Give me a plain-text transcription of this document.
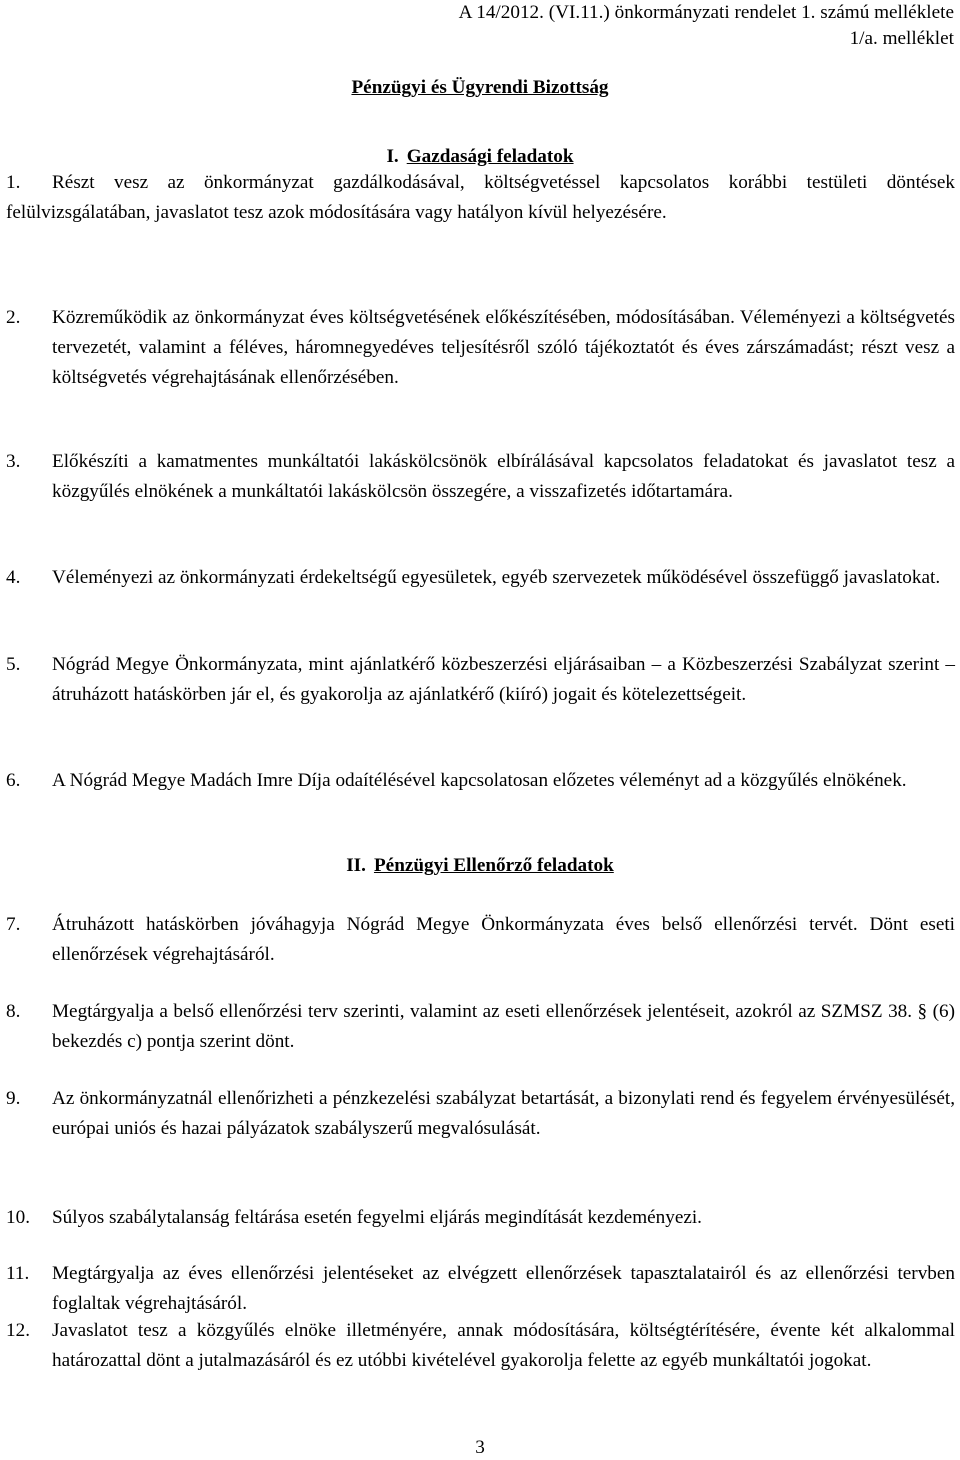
A 14/2012. (VI.11.) önkormányzati rendelet 1. számú melléklete
1/a. melléklet
Pénzügyi és Ügyrendi Bizottság
I. Gazdasági feladatok
1.	Részt vesz az önkormányzat gazdálkodásával, költségvetéssel kapcsolatos korábbi testületi döntések felülvizsgálatában, javaslatot tesz azok módosítására vagy hatályon kívül helyezésére.
2. Közreműködik az önkormányzat éves költségvetésének előkészítésében, módosításában. Véleményezi a költségvetés tervezetét, valamint a féléves, háromnegyedéves teljesítésről szóló tájékoztatót és éves zárszámadást; részt vesz a költségvetés végrehajtásának ellenőrzésében.
3. Előkészíti a kamatmentes munkáltatói lakáskölcsönök elbírálásával kapcsolatos feladatokat és javaslatot tesz a közgyűlés elnökének a munkáltatói lakáskölcsön összegére, a visszafizetés időtartamára.
4. Véleményezi az önkormányzati érdekeltségű egyesületek, egyéb szervezetek működésével összefüggő javaslatokat.
5. Nógrád Megye Önkormányzata, mint ajánlatkérő közbeszerzési eljárásaiban – a Közbeszerzési Szabályzat szerint – átruházott hatáskörben jár el, és gyakorolja az ajánlatkérő (kiíró) jogait és kötelezettségeit.
6. A Nógrád Megye Madách Imre Díja odaítélésével kapcsolatosan előzetes véleményt ad a közgyűlés elnökének.
II. Pénzügyi Ellenőrző feladatok
7. Átruházott hatáskörben jóváhagyja Nógrád Megye Önkormányzata éves belső ellenőrzési tervét. Dönt eseti ellenőrzések végrehajtásáról.
8. Megtárgyalja a belső ellenőrzési terv szerinti, valamint az eseti ellenőrzések jelentéseit, azokról az SZMSZ 38. § (6) bekezdés c) pontja szerint dönt.
9. Az önkormányzatnál ellenőrizheti a pénzkezelési szabályzat betartását, a bizonylati rend és fegyelem érvényesülését, európai uniós és hazai pályázatok szabályszerű megvalósulását.
10. Súlyos szabálytalanság feltárása esetén fegyelmi eljárás megindítását kezdeményezi.
11. Megtárgyalja az éves ellenőrzési jelentéseket az elvégzett ellenőrzések tapasztalatairól és az ellenőrzési tervben foglaltak végrehajtásáról.
12. Javaslatot tesz a közgyűlés elnöke illetményére, annak módosítására, költségtérítésére, évente két alkalommal határozattal dönt a jutalmazásáról és ez utóbbi kivételével gyakorolja felette az egyéb munkáltatói jogokat.
3
